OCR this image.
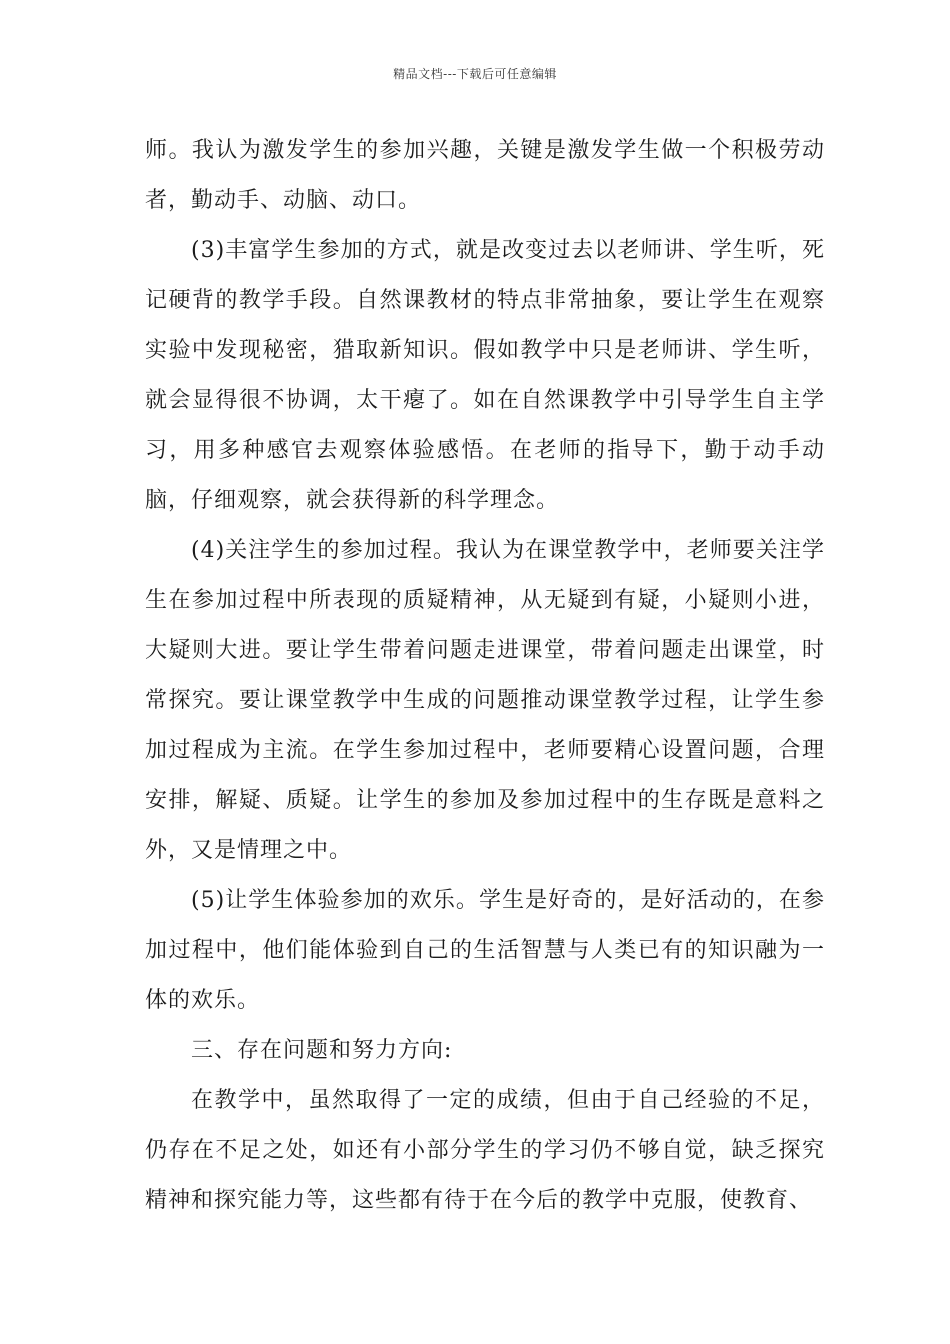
精品文档---下载后可任意编辑

师。我认为激发学生的参加兴趣，关键是激发学生做一个积极劳动者，勤动手、动脑、动口。

(3)丰富学生参加的方式，就是改变过去以老师讲、学生听，死记硬背的教学手段。自然课教材的特点非常抽象，要让学生在观察实验中发现秘密，猎取新知识。假如教学中只是老师讲、学生听，就会显得很不协调，太干瘪了。如在自然课教学中引导学生自主学习，用多种感官去观察体验感悟。在老师的指导下，勤于动手动脑，仔细观察，就会获得新的科学理念。

(4)关注学生的参加过程。我认为在课堂教学中，老师要关注学生在参加过程中所表现的质疑精神，从无疑到有疑，小疑则小进，大疑则大进。要让学生带着问题走进课堂，带着问题走出课堂，时常探究。要让课堂教学中生成的问题推动课堂教学过程，让学生参加过程成为主流。在学生参加过程中，老师要精心设置问题，合理安排，解疑、质疑。让学生的参加及参加过程中的生存既是意料之外，又是情理之中。

(5)让学生体验参加的欢乐。学生是好奇的，是好活动的，在参加过程中，他们能体验到自己的生活智慧与人类已有的知识融为一体的欢乐。

三、存在问题和努力方向:

在教学中，虽然取得了一定的成绩，但由于自己经验的不足，仍存在不足之处，如还有小部分学生的学习仍不够自觉，缺乏探究精神和探究能力等，这些都有待于在今后的教学中克服，使教育、
